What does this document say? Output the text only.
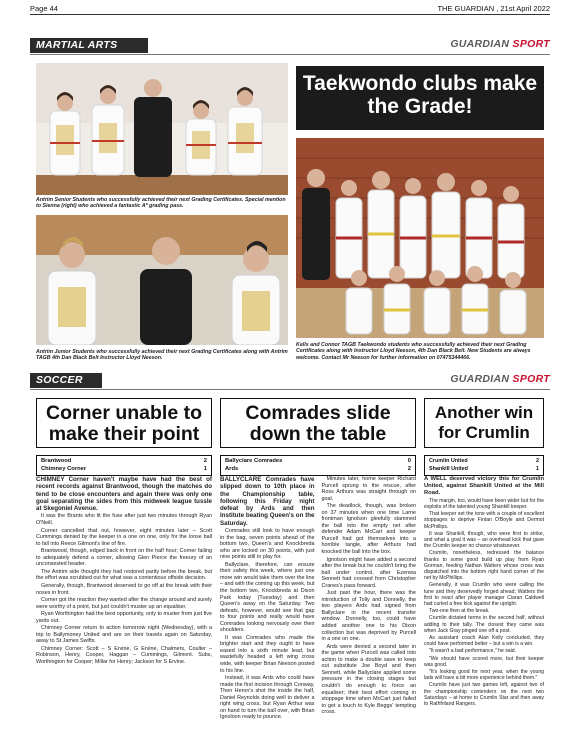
Page 44	THE GUARDIAN , 21st April 2022
MARTIAL ARTS	GUARDIAN SPORT
Antrim Senior Students who successfully achieved their next Grading Certificates. Special mention to Sienna (right) who achieved a fantastic A* grading pass.
Antrim Junior Students who successfully achieved their next Grading Certificates along with Antrim TAGB 4th Dan Black Belt Instructor Lloyd Neeson.
Taekwondo clubs make the Grade!
Kells and Connor TAGB Taekwondo students who successfully achieved their next Grading Certificates along with Instructor Lloyd Neeson, 4th Dan Black Belt. New Students are always welcome. Contact Mr Neeson for further information on 07475344466.
SOCCER	GUARDIAN SPORT
Corner unable to make their point
Brantwood	2
Chimney Corner	1

CHIMNEY Corner haven't maybe have had the best of recent records against Brantwood, though the matches do tend to be close encounters and again there was only one goal separating the sides from this midweek league tussle at Skegoniel Avenue.

It was the Brants who lit the fuse after just two minutes through Ryan O'Neill.

Corner cancelled that out, however, eight minutes later – Scott Cummings denied by the keeper in a one on one, only for the loose ball to fall into Reece Gilmont's line of fire.

Brantwood, though, edged back in front on the half hour; Corner failing to adequately defend a corner, allowing Glen Pierce the freeury of an unconsested header.

The Antrim side thought they had restored parity before the break, but the effort was scrubbed out for what was a contentious offside decision.

Generally, though, Brantwood deserved to go off at the break with their noses in front.

Corner got the reaction they wanted after the change around and surely were worthy of a point, but just couldn't muster up an equaliser.

Ryan Worthington had the best opportunity, only to muster from just five yards out.

Chimney Corner return to action tomorrow night (Wednesday), with a trip to Ballymoney United and are on their travels again on Saturday, away to St James Swifts.

Chimney Corner: Scott – S Ervine, G Ervine, Chalmers, Coulter – Robinson, Henry, Cooper, Haggan – Cummings, Gilmont. Subs, Worthington for Cooper; Millar for Henry; Jackson for S Ervine.

Comrades slide down the table
Ballyclare Comrades	0
Ards	2

BALLYCLARE Comrades have slipped down to 10th place in the Championship table, following this Friday night defeat by Ards and then Institute beating Queen's on the Saturday.

Comrades still look to have enough in the bag, seven points ahead of the bottom two, Queen's and Knockbreda who are locked on 30 points, with just nine points still to play for.

Ballyclare, therefore, can ensure their safety this week, where just one more win would take them over the line – and with the coming up this week, but the bottom two, Knockbreda at Dixon Park today (Tuesday) and then Queen's away on the Saturday. Two defeats, however, would see that gap to four points and really would have Comrades looking nervously over their shoulders.

It was Comrades who made the brighter start and they ought to have eased into a sixth minute lead, but wastefully headed a left wing cross wide, with keeper Brian Neeson posted to his line.

Instead, it was Ards who could have made the first incision through Conway, Then Heron's shot the inside the half, Daniel Reynolds doing well to deliver a right wing cross, but Ryan Arthur was on hand to turn the ball over, with Brian Ignoloon ready to pounce.

Minutes later, home keeper Richard Purcell sprung to the rescue, after Ross Arthurs was straight through on goal.

The deadlock, though, was broken on 37 minutes when one time Larne frontman Ignolson gleefully slammed the ball into the empty net after defender Adam McCart and keeper Purcell had got themselves into a horrible tangle, after Arthurs had knocked the ball into the box.

Ignolson might have added a second after the break but he couldn't bring the ball under control, after Ezenwa Sennett had crossed from Christopher Cranes's pass forward.

Just past the hour, there was the introduction of Tolly and Donnelly, the two players Ards had signed from Ballyclare in the recent transfer window. Donnelly, too, could have added another one to his Dixon collection but was deprived by Purcell in a one on one.

Ards were denied a second later in the game when Purcell was called into action to make a double save to keep out substitute Joe Boyd and then Sennett, while Ballyclare applied some pressure in the closing stages but couldn't do enough to force an equaliser; their best effort coming in stoppage time when McCart just failed to get a touch to Kyle Beggs' tempting cross.

Another win for Crumlin
Crumlin United	2
Shankill United	1

A WELL deserved victory this for Crumlin United, against Shankill United at the Mill Road.

The margin, too, would have been wider but for the exploits of the talented young Shankill keeper.

That keeper set the tone with a couple of excellent stoppages to deprive Fintan O'Boyle and Dermot McPhillips.

It was Shankill, though, who were first to strike, and what a goal it was – an overhead kick that gave the Crumlin keeper no chance whatsoever.

Crumlin, nonetheless, redressed the balance thanks to some good build up play from Ryan Gorman, feeding Nathan Watters whose cross was dispatched into the bottom right hand corner of the net by McPhillips.

Generally, it was Crumlin who were calling the tune and they deservedly forged ahead; Watters the first to react after player manager Ciaran Caldwell had curled a free kick against the upright.

Two-one then at the break.

Crumlin dictated terms in the second half, without adding to their tally. The closest they came was when Jack Gray pinged one off a post.

As assistant coach Alan Kelly concluded, they could have performed better – but a win is a win.

"It wasn't a bad performance," he said.

"We should have scored more, but their keeper was good.

"It's looking good for next year, when the young lads will have a bit more experience behind them."

Crumlin have just two games left, against two of the championship contenders on the next two Saturdays – at home to Crumlin Star and then away to Rathfriland Rangers.
